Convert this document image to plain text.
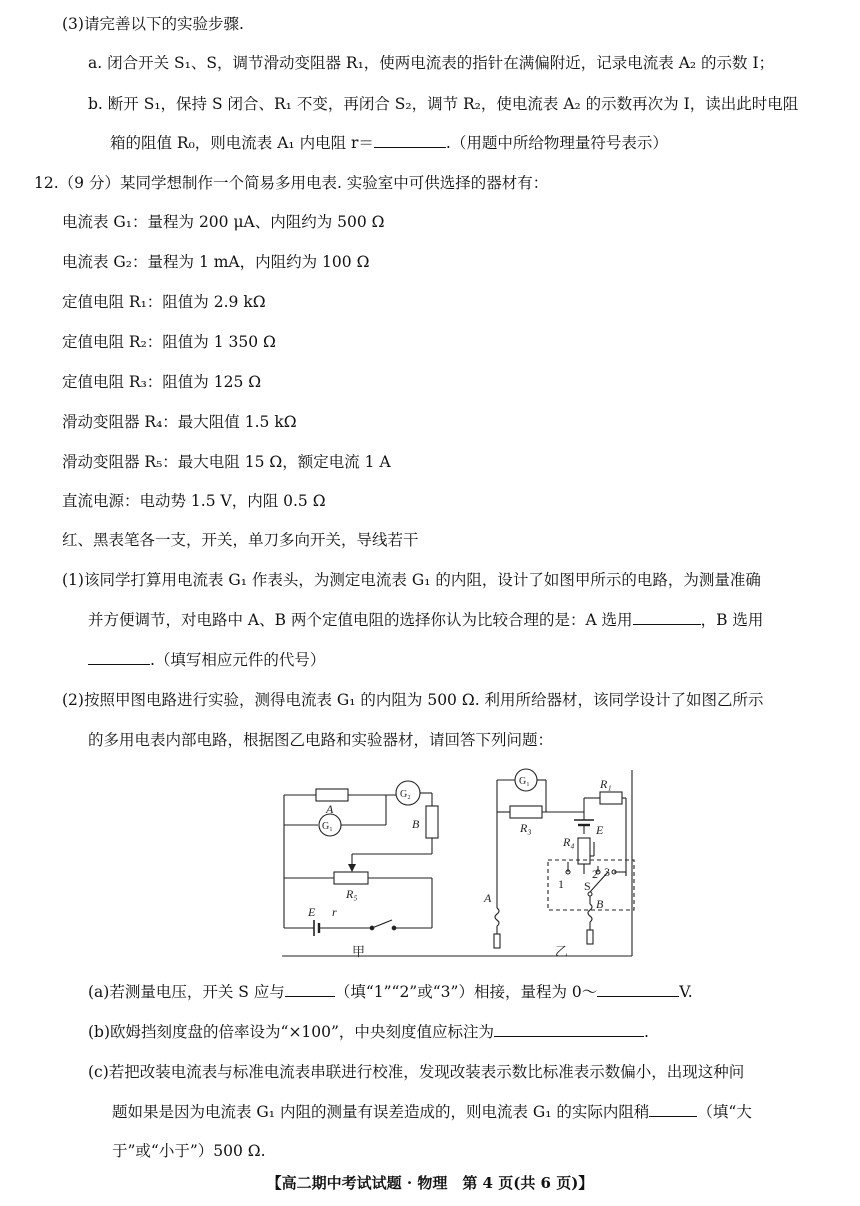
(3)请完善以下的实验步骤.
a. 闭合开关 S₁、S，调节滑动变阻器 R₁，使两电流表的指针在满偏附近，记录电流表 A₂ 的示数 I；
b. 断开 S₁，保持 S 闭合、R₁ 不变，再闭合 S₂，调节 R₂，使电流表 A₂ 的示数再次为 I，读出此时电阻
箱的阻值 R₀，则电流表 A₁ 内电阻 r＝	.（用题中所给物理量符号表示）
12.（9 分）某同学想制作一个简易多用电表. 实验室中可供选择的器材有：
电流表 G₁：量程为 200 μA、内阻约为 500 Ω
电流表 G₂：量程为 1 mA，内阻约为 100 Ω
定值电阻 R₁：阻值为 2.9 kΩ
定值电阻 R₂：阻值为 1 350 Ω
定值电阻 R₃：阻值为 125 Ω
滑动变阻器 R₄：最大阻值 1.5 kΩ
滑动变阻器 R₅：最大电阻 15 Ω，额定电流 1 A
直流电源：电动势 1.5 V，内阻 0.5 Ω
红、黑表笔各一支，开关，单刀多向开关，导线若干
(1)该同学打算用电流表 G₁ 作表头，为测定电流表 G₁ 的内阻，设计了如图甲所示的电路，为测量准确
并方便调节，对电路中 A、B 两个定值电阻的选择你认为比较合理的是：A 选用	，B 选用
.（填写相应元件的代号）
(2)按照甲图电路进行实验，测得电流表 G₁ 的内阻为 500 Ω. 利用所给器材，该同学设计了如图乙所示
的多用电表内部电路，根据图乙电路和实验器材，请回答下列问题：
A
G₂
G₁	B
R₅
E r
甲
G₁	R₁
R₃	E
R₄
1
2 3
S
A	B
乙
(a)若测量电压，开关 S 应与	（填“1”“2”或“3”）相接，量程为 0～	V.
(b)欧姆挡刻度盘的倍率设为“×100”，中央刻度值应标注为	.
(c)若把改装电流表与标准电流表串联进行校准，发现改装表示数比标准表示数偏小，出现这种问
题如果是因为电流表 G₁ 内阻的测量有误差造成的，则电流表 G₁ 的实际内阻稍	（填“大
于”或“小于”）500 Ω.
【高二期中考试试题 · 物理　第 4 页(共 6 页)】
